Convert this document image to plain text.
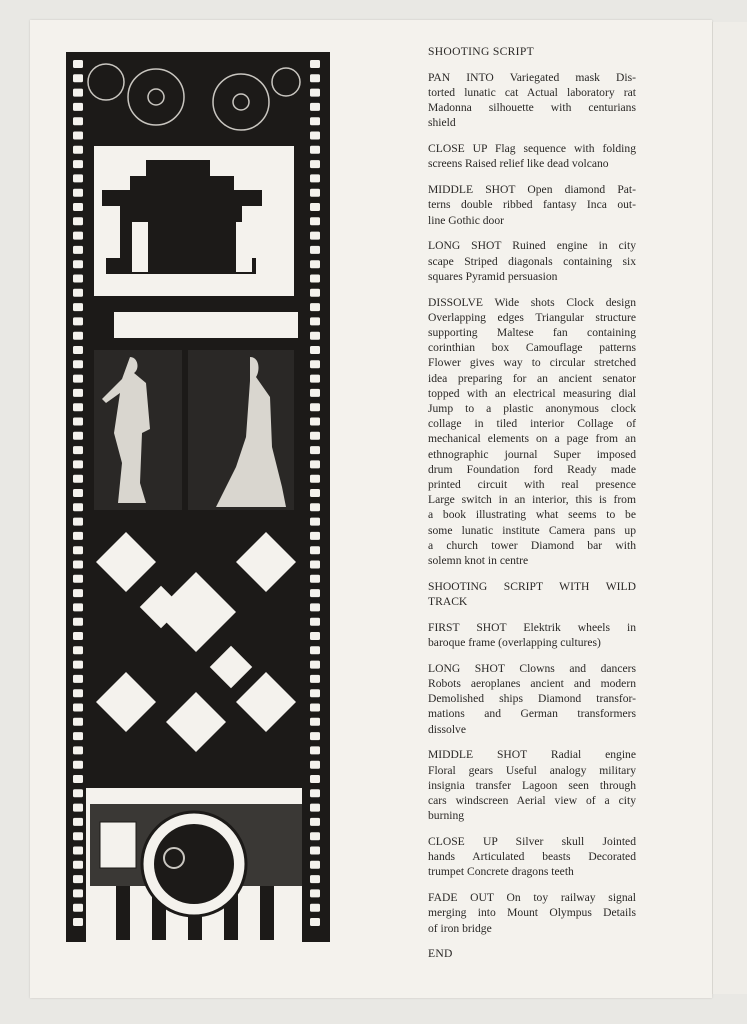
SHOOTING SCRIPT
PAN INTO Variegated mask Dis-
torted lunatic cat Actual laboratory rat
Madonna silhouette with centurians
shield
CLOSE UP Flag sequence with folding
screens Raised relief like dead volcano
MIDDLE SHOT Open diamond Pat-
terns double ribbed fantasy Inca out-
line Gothic door
LONG SHOT Ruined engine in city
scape Striped diagonals containing six
squares Pyramid persuasion
DISSOLVE Wide shots Clock design
Overlapping edges Triangular structure
supporting Maltese fan containing
corinthian box Camouflage patterns
Flower gives way to circular stretched
idea preparing for an ancient senator
topped with an electrical measuring dial
Jump to a plastic anonymous clock
collage in tiled interior Collage of
mechanical elements on a page from an
ethnographic journal Super imposed
drum Foundation ford Ready made
printed circuit with real presence
Large switch in an interior, this is from
a book illustrating what seems to be
some lunatic institute Camera pans up
a church tower Diamond bar with
solemn knot in centre
SHOOTING SCRIPT WITH WILD
TRACK
FIRST SHOT Elektrik wheels in
baroque frame (overlapping cultures)
LONG SHOT Clowns and dancers
Robots aeroplanes ancient and modern
Demolished ships Diamond transfor-
mations and German transformers
dissolve
MIDDLE SHOT Radial engine
Floral gears Useful analogy military
insignia transfer Lagoon seen through
cars windscreen Aerial view of a city
burning
CLOSE UP Silver skull Jointed
hands Articulated beasts Decorated
trumpet Concrete dragons teeth
FADE OUT On toy railway signal
merging into Mount Olympus Details
of iron bridge
END
